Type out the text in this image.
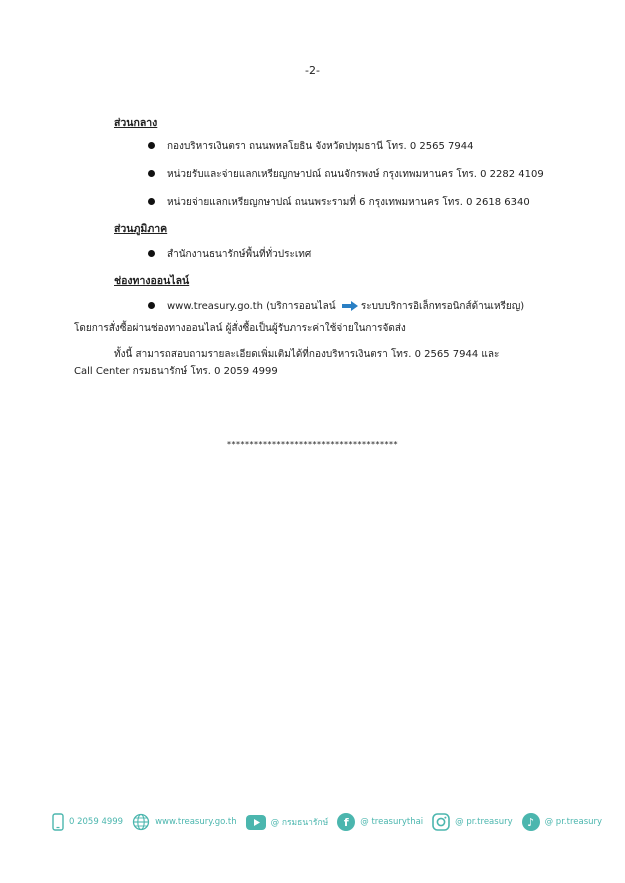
-2-
ส่วนกลาง
กองบริหารเงินตรา ถนนพหลโยธิน จังหวัดปทุมธานี โทร. 0 2565 7944
หน่วยรับและจ่ายแลกเหรียญกษาปณ์ ถนนจักรพงษ์ กรุงเทพมหานคร โทร. 0 2282 4109
หน่วยจ่ายแลกเหรียญกษาปณ์ ถนนพระรามที่ 6 กรุงเทพมหานคร โทร. 0 2618 6340
ส่วนภูมิภาค
สำนักงานธนารักษ์พื้นที่ทั่วประเทศ
ช่องทางออนไลน์
www.treasury.go.th (บริการออนไลน์	ระบบบริการอิเล็กทรอนิกส์ด้านเหรียญ)
โดยการสั่งซื้อผ่านช่องทางออนไลน์ ผู้สั่งซื้อเป็นผู้รับภาระค่าใช้จ่ายในการจัดส่ง
ทั้งนี้ สามารถสอบถามรายละเอียดเพิ่มเติมได้ที่กองบริหารเงินตรา โทร. 0 2565 7944 และ
Call Center กรมธนารักษ์ โทร. 0 2059 4999
**************************************
0 2059 4999	www.treasury.go.th	@ กรมธนารักษ์	f	@ treasurythai	@ pr.treasury	♪	@ pr.treasury
